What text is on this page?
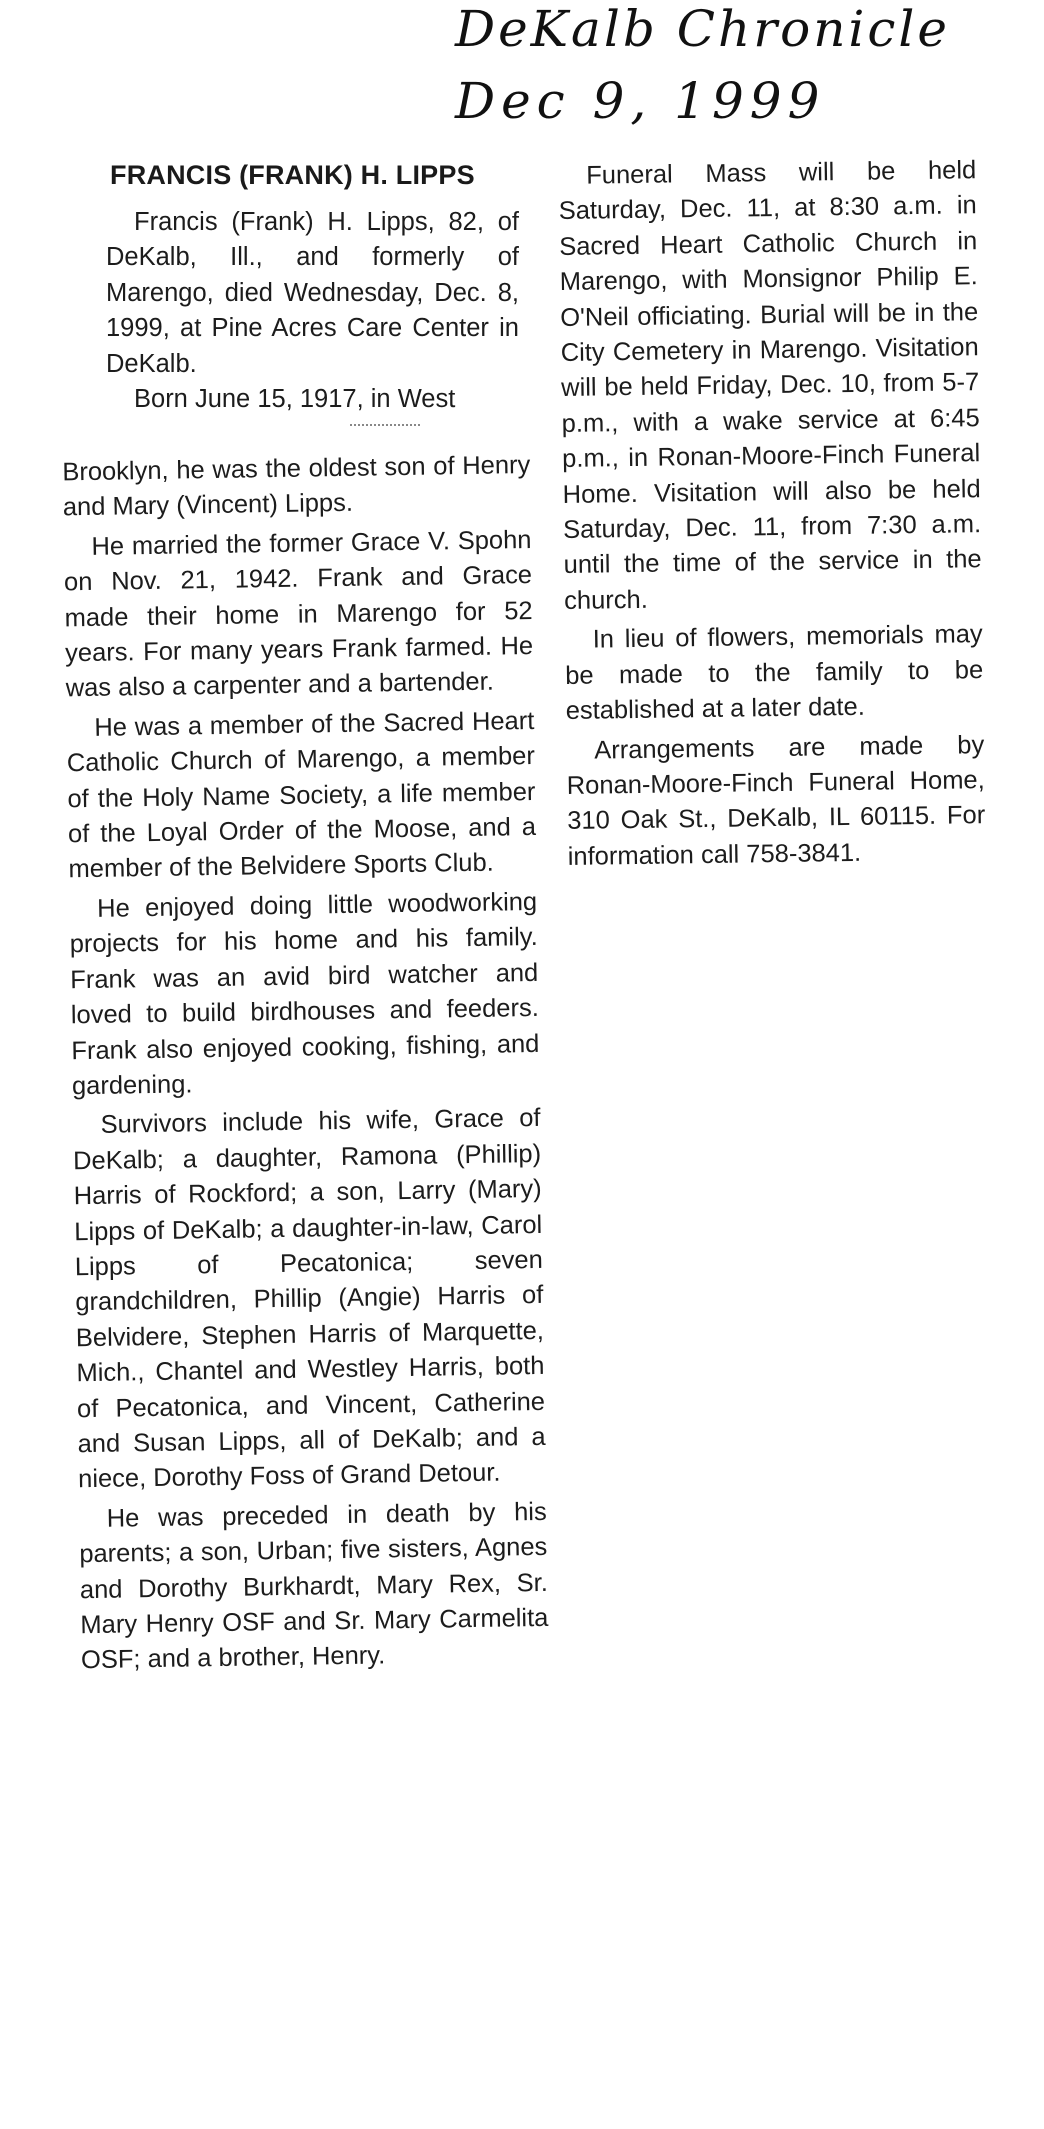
DeKalb Chronicle
Dec 9, 1999
FRANCIS (FRANK) H. LIPPS

Francis (Frank) H. Lipps, 82, of DeKalb, Ill., and formerly of Marengo, died Wednesday, Dec. 8, 1999, at Pine Acres Care Center in DeKalb.

Born June 15, 1917, in West

Brooklyn, he was the oldest son of Henry and Mary (Vincent) Lipps.

He married the former Grace V. Spohn on Nov. 21, 1942. Frank and Grace made their home in Marengo for 52 years. For many years Frank farmed. He was also a carpenter and a bartender.

He was a member of the Sacred Heart Catholic Church of Marengo, a member of the Holy Name Society, a life member of the Loyal Order of the Moose, and a member of the Belvidere Sports Club.

He enjoyed doing little woodworking projects for his home and his family. Frank was an avid bird watcher and loved to build birdhouses and feeders. Frank also enjoyed cooking, fishing, and gardening.

Survivors include his wife, Grace of DeKalb; a daughter, Ramona (Phillip) Harris of Rockford; a son, Larry (Mary) Lipps of DeKalb; a daughter-in-law, Carol Lipps of Pecatonica; seven grandchildren, Phillip (Angie) Harris of Belvidere, Stephen Harris of Marquette, Mich., Chantel and Westley Harris, both of Pecatonica, and Vincent, Catherine and Susan Lipps, all of DeKalb; and a niece, Dorothy Foss of Grand Detour.

He was preceded in death by his parents; a son, Urban; five sisters, Agnes and Dorothy Burkhardt, Mary Rex, Sr. Mary Henry OSF and Sr. Mary Carmelita OSF; and a brother, Henry.

Funeral Mass will be held Saturday, Dec. 11, at 8:30 a.m. in Sacred Heart Catholic Church in Marengo, with Monsignor Philip E. O'Neil officiating. Burial will be in the City Cemetery in Marengo. Visitation will be held Friday, Dec. 10, from 5-7 p.m., with a wake service at 6:45 p.m., in Ronan-Moore-Finch Funeral Home. Visitation will also be held Saturday, Dec. 11, from 7:30 a.m. until the time of the service in the church.

In lieu of flowers, memorials may be made to the family to be established at a later date.

Arrangements are made by Ronan-Moore-Finch Funeral Home, 310 Oak St., DeKalb, IL 60115. For information call 758-3841.
